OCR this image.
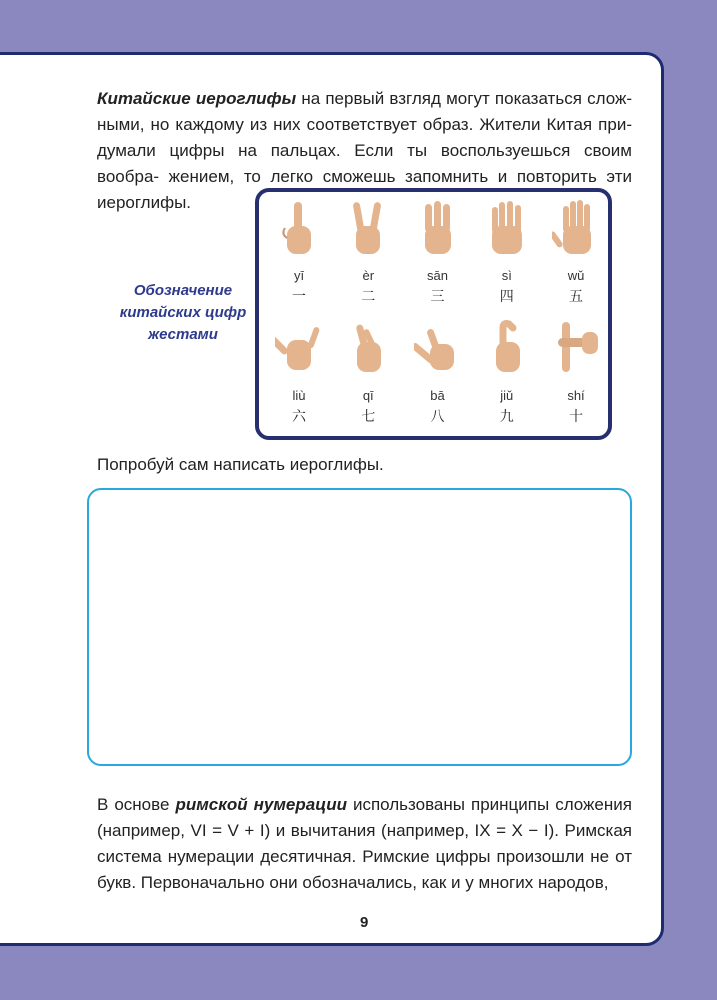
Китайские иероглифы на первый взгляд могут показаться слож- ными, но каждому из них соответствует образ. Жители Китая при- думали цифры на пальцах. Если ты воспользуешься своим вообра- жением, то легко сможешь запомнить и повторить эти иероглифы.

Обозначение
китайских цифр
жестами
yī
一
èr
二
sān
三
sì
四
wǔ
五
liù
六
qī
七
bā
八
jiǔ
九
shí
十

Попробуй сам написать иероглифы.

В основе римской нумерации использованы принципы сложения (например, VI = V + I) и вычитания (например, IX = X − I). Римская система нумерации десятичная. Римские цифры произошли не от букв. Первоначально они обозначались, как и у многих народов,

9
